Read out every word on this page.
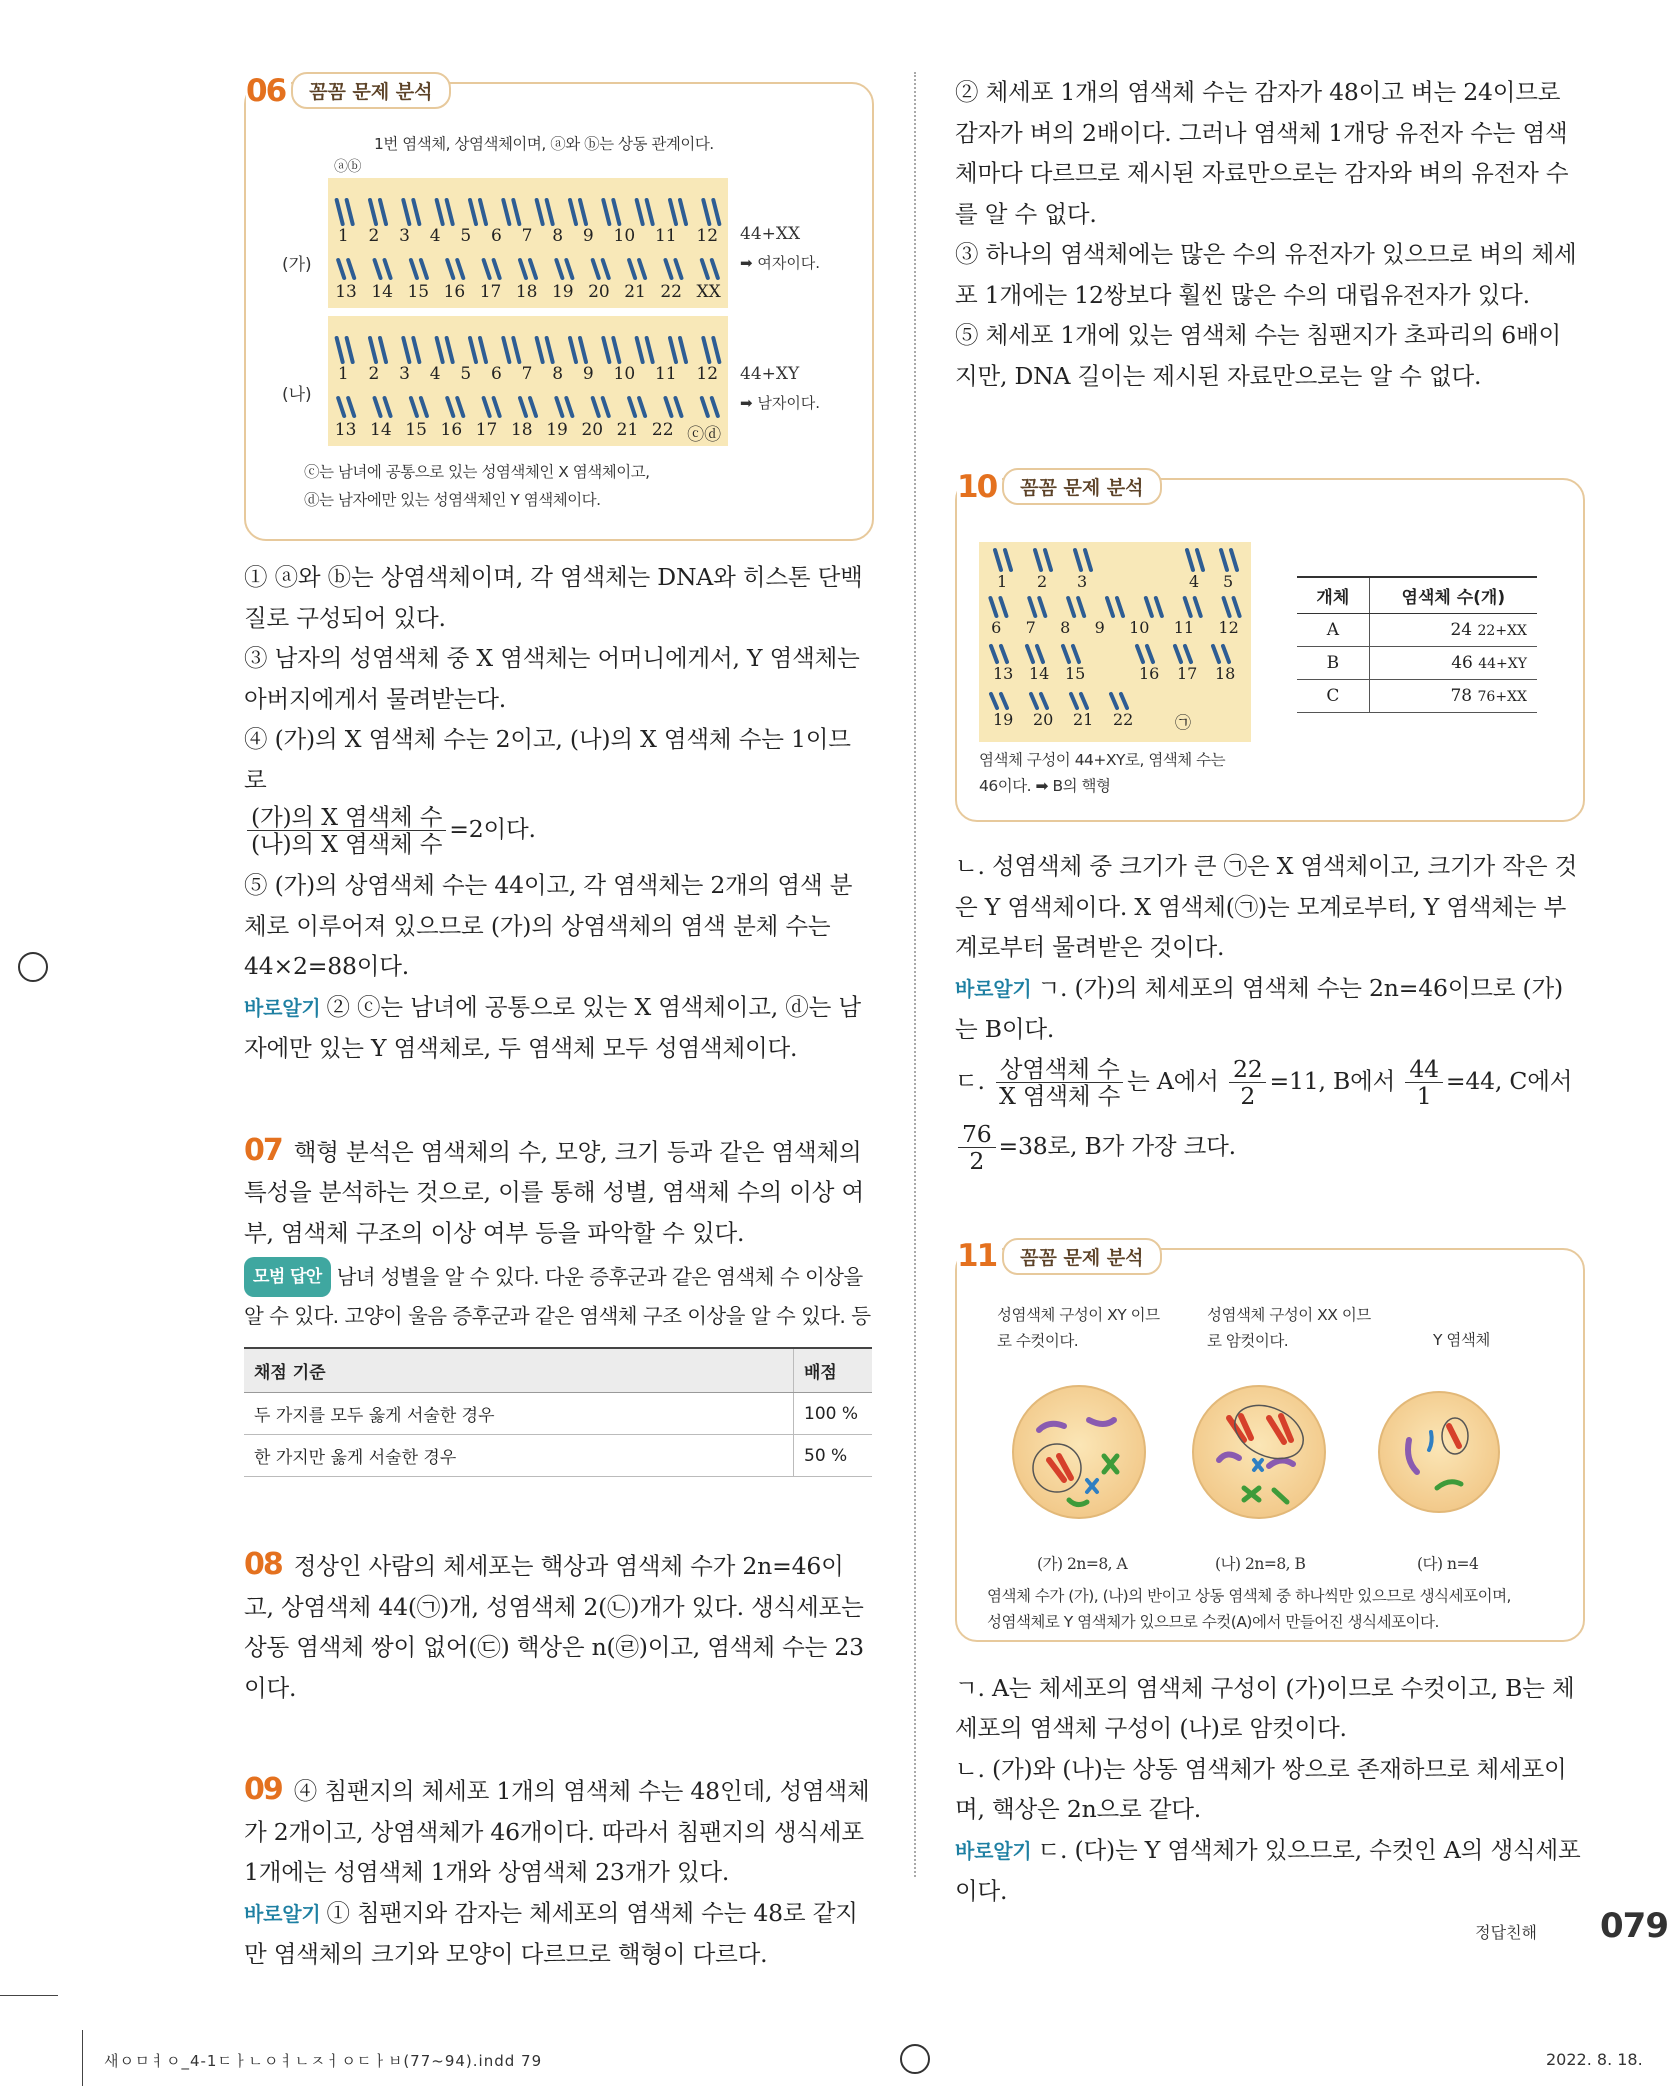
06	꼼꼼 문제 분석
1번 염색체, 상염색체이며, ⓐ와 ⓑ는 상동 관계이다.
ⓐⓑ
(가)
1 2 3 4 5 6 7 8 9 10 11 12
13 14 15 16 17 18 19 20 21 22 XX
44+XX
➡ 여자이다.
(나)
1 2 3 4 5 6 7 8 9 10 11 12
13 14 15 16 17 18 19 20 21 22 ⓒⓓ
44+XY
➡ 남자이다.
ⓒ는 남녀에 공통으로 있는 성염색체인 X 염색체이고,
ⓓ는 남자에만 있는 성염색체인 Y 염색체이다.

① ⓐ와 ⓑ는 상염색체이며, 각 염색체는 DNA와 히스톤 단백질로 구성되어 있다.

③ 남자의 성염색체 중 X 염색체는 어머니에게서, Y 염색체는 아버지에게서 물려받는다.

④ (가)의 X 염색체 수는 2이고, (나)의 X 염색체 수는 1이므로

$\frac{\text{(가)의 X 염색체 수}}{\text{(나)의 X 염색체 수}} =2$이다.

⑤ (가)의 상염색체 수는 44이고, 각 염색체는 2개의 염색 분체로 이루어져 있으므로 (가)의 상염색체의 염색 분체 수는 44×2=88이다.

바로알기 ② ⓒ는 남녀에 공통으로 있는 X 염색체이고, ⓓ는 남자에만 있는 Y 염색체로, 두 염색체 모두 성염색체이다.

07 핵형 분석은 염색체의 수, 모양, 크기 등과 같은 염색체의 특성을 분석하는 것으로, 이를 통해 성별, 염색체 수의 이상 여부, 염색체 구조의 이상 여부 등을 파악할 수 있다.

모범 답안 남녀 성별을 알 수 있다. 다운 증후군과 같은 염색체 수 이상을 알 수 있다. 고양이 울음 증후군과 같은 염색체 구조 이상을 알 수 있다. 등

채점 기준	배점
두 가지를 모두 옳게 서술한 경우	100 %
한 가지만 옳게 서술한 경우	50 %

08 정상인 사람의 체세포는 핵상과 염색체 수가 2n=46이고, 상염색체 44(㉠)개, 성염색체 2(㉡)개가 있다. 생식세포는 상동 염색체 쌍이 없어(㉢) 핵상은 n(㉣)이고, 염색체 수는 23이다.

09 ④ 침팬지의 체세포 1개의 염색체 수는 48인데, 성염색체가 2개이고, 상염색체가 46개이다. 따라서 침팬지의 생식세포 1개에는 성염색체 1개와 상염색체 23개가 있다.

바로알기 ① 침팬지와 감자는 체세포의 염색체 수는 48로 같지만 염색체의 크기와 모양이 다르므로 핵형이 다르다.

② 체세포 1개의 염색체 수는 감자가 48이고 벼는 24이므로 감자가 벼의 2배이다. 그러나 염색체 1개당 유전자 수는 염색체마다 다르므로 제시된 자료만으로는 감자와 벼의 유전자 수를 알 수 없다.

③ 하나의 염색체에는 많은 수의 유전자가 있으므로 벼의 체세포 1개에는 12쌍보다 훨씬 많은 수의 대립유전자가 있다.

⑤ 체세포 1개에 있는 염색체 수는 침팬지가 초파리의 6배이지만, DNA 길이는 제시된 자료만으로는 알 수 없다.

10	꼼꼼 문제 분석
1 2 3	4 5
6 7 8 9 10 11 12
13 14 15	16 17 18
19 20 21 22	㉠
염색체 구성이 44+XY로, 염색체 수는
46이다. ➡ B의 핵형
개체	염색체 수(개)
A	24 22+XX
B	46 44+XY
C	78 76+XX

ㄴ. 성염색체 중 크기가 큰 ㉠은 X 염색체이고, 크기가 작은 것은 Y 염색체이다. X 염색체(㉠)는 모계로부터, Y 염색체는 부계로부터 물려받은 것이다.

바로알기 ㄱ. (가)의 체세포의 염색체 수는 2n=46이므로 (가)는 B이다.

ㄷ. $\frac{\text{상염색체 수}}{\text{X 염색체 수}}$ 는 A에서 $\frac{22}{2} =11$, B에서 $\frac{44}{1} =44$, C에서

$\frac{76}{2} =38$로, B가 가장 크다.

11	꼼꼼 문제 분석
성염색체 구성이 XY 이므로 수컷이다.
성염색체 구성이 XX 이므로 암컷이다.	Y 염색체
(가) 2n=8, A	(나) 2n=8, B	(다) n=4
염색체 수가 (가), (나)의 반이고 상동 염색체 중 하나씩만 있으므로 생식세포이며,
성염색체로 Y 염색체가 있으므로 수컷(A)에서 만들어진 생식세포이다.

ㄱ. A는 체세포의 염색체 구성이 (가)이므로 수컷이고, B는 체세포의 염색체 구성이 (나)로 암컷이다.

ㄴ. (가)와 (나)는 상동 염색체가 쌍으로 존재하므로 체세포이며, 핵상은 2n으로 같다.

바로알기 ㄷ. (다)는 Y 염색체가 있으므로, 수컷인 A의 생식세포이다.

정답친해 079
새ㅇㅁㅕㅇ_4-1ㄷㅏㄴㅇㅕㄴㅈㅓㅇㄷㅏㅂ(77~94).indd 79	2022. 8. 18.
